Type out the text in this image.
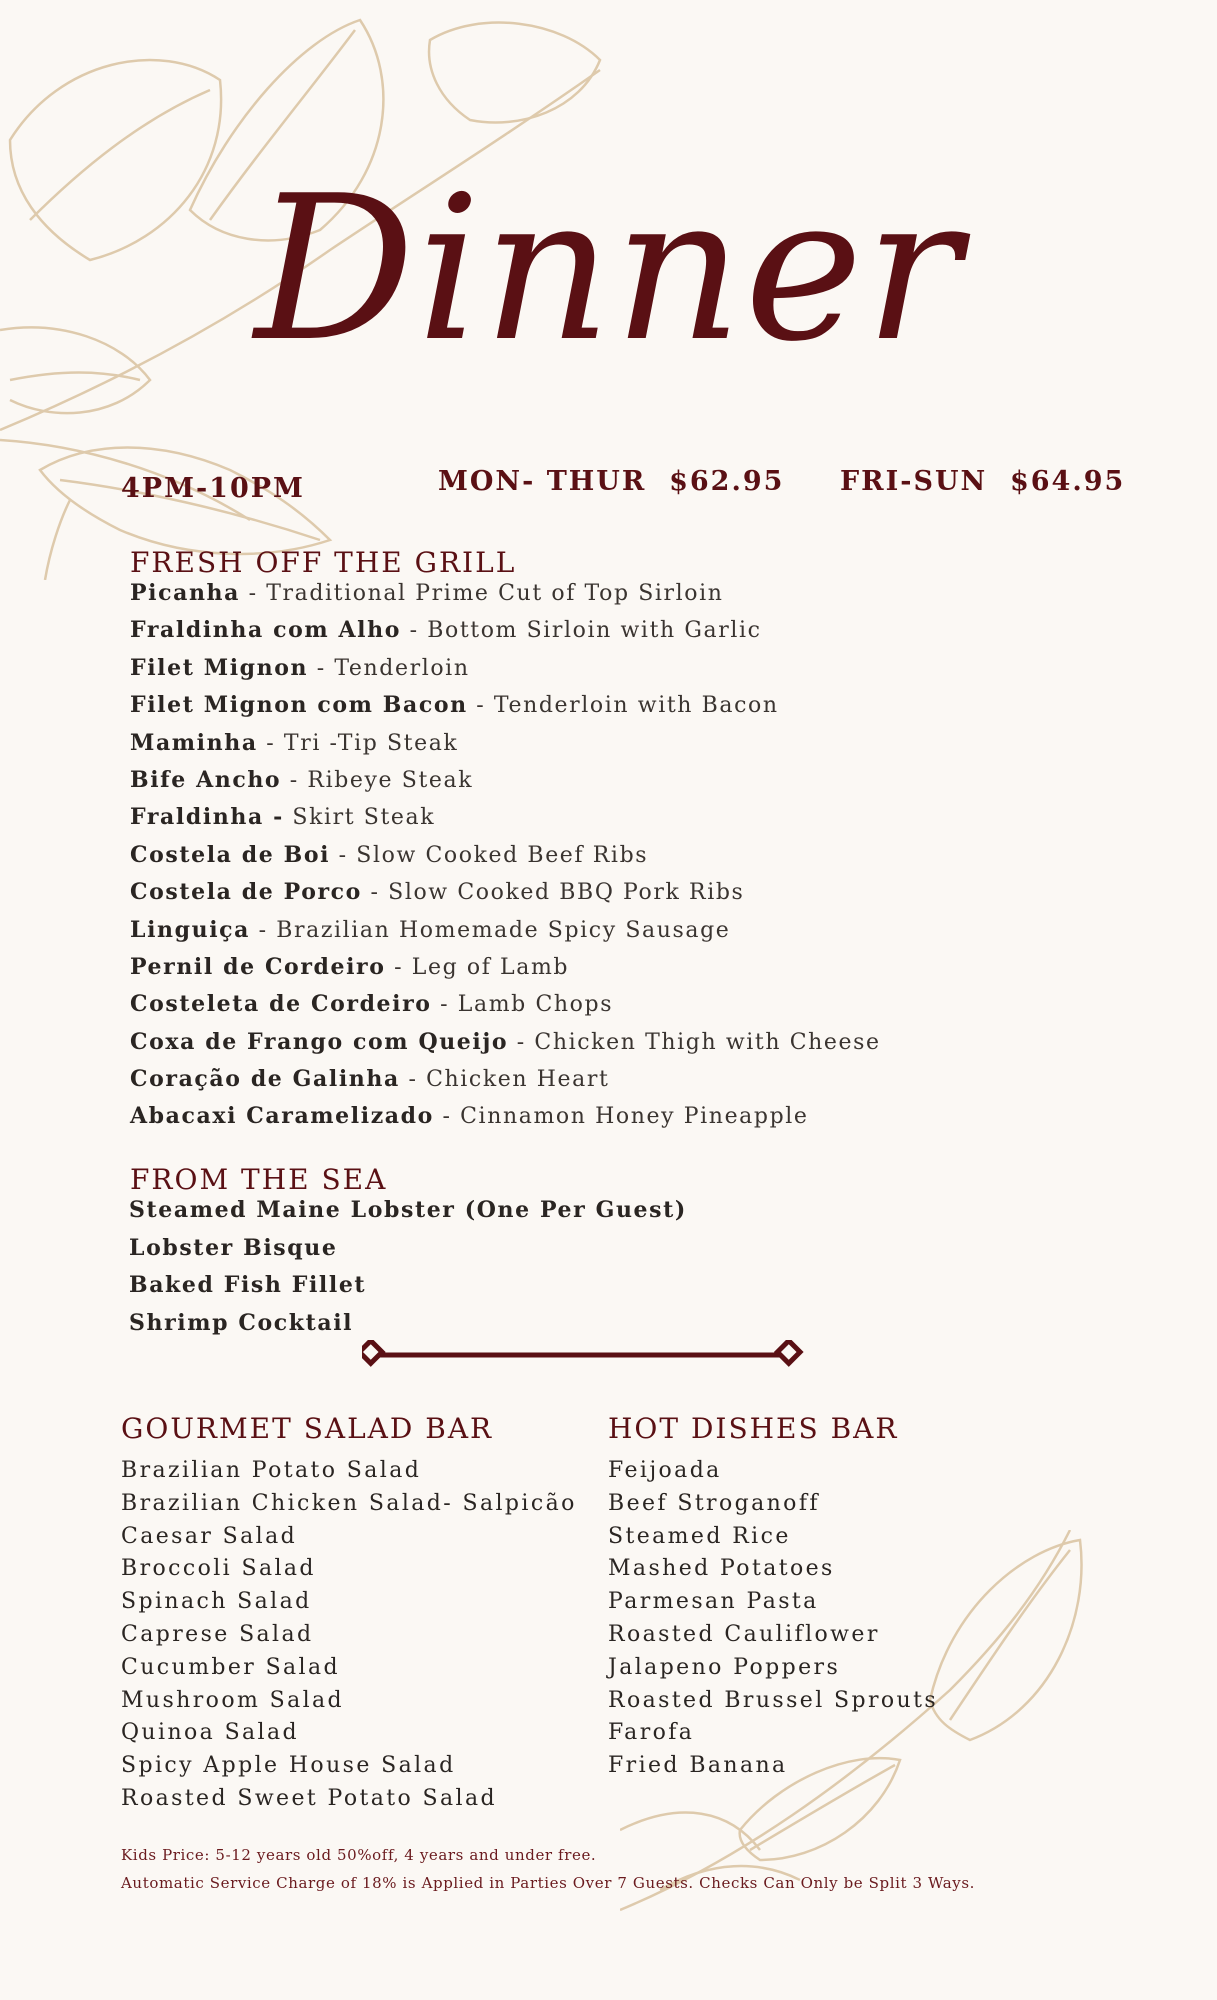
Dinner
4PM-10PM	MON- THUR $62.95 FRI-SUN $64.95
FRESH OFF THE GRILL
Picanha - Traditional Prime Cut of Top Sirloin
Fraldinha com Alho - Bottom Sirloin with Garlic
Filet Mignon - Tenderloin
Filet Mignon com Bacon - Tenderloin with Bacon
Maminha - Tri -Tip Steak
Bife Ancho - Ribeye Steak
Fraldinha - Skirt Steak
Costela de Boi - Slow Cooked Beef Ribs
Costela de Porco - Slow Cooked BBQ Pork Ribs
Linguiça - Brazilian Homemade Spicy Sausage
Pernil de Cordeiro - Leg of Lamb
Costeleta de Cordeiro - Lamb Chops
Coxa de Frango com Queijo - Chicken Thigh with Cheese
Coração de Galinha - Chicken Heart
Abacaxi Caramelizado - Cinnamon Honey Pineapple
FROM THE SEA
Steamed Maine Lobster (One Per Guest)
Lobster Bisque
Baked Fish Fillet
Shrimp Cocktail
GOURMET SALAD BAR
Brazilian Potato Salad
Brazilian Chicken Salad- Salpicão
Caesar Salad
Broccoli Salad
Spinach Salad
Caprese Salad
Cucumber Salad
Mushroom Salad
Quinoa Salad
Spicy Apple House Salad
Roasted Sweet Potato Salad
HOT DISHES BAR
Feijoada
Beef Stroganoff
Steamed Rice
Mashed Potatoes
Parmesan Pasta
Roasted Cauliflower
Jalapeno Poppers
Roasted Brussel Sprouts
Farofa
Fried Banana
Kids Price: 5-12 years old 50%off, 4 years and under free.
Automatic Service Charge of 18% is Applied in Parties Over 7 Guests. Checks Can Only be Split 3 Ways.
